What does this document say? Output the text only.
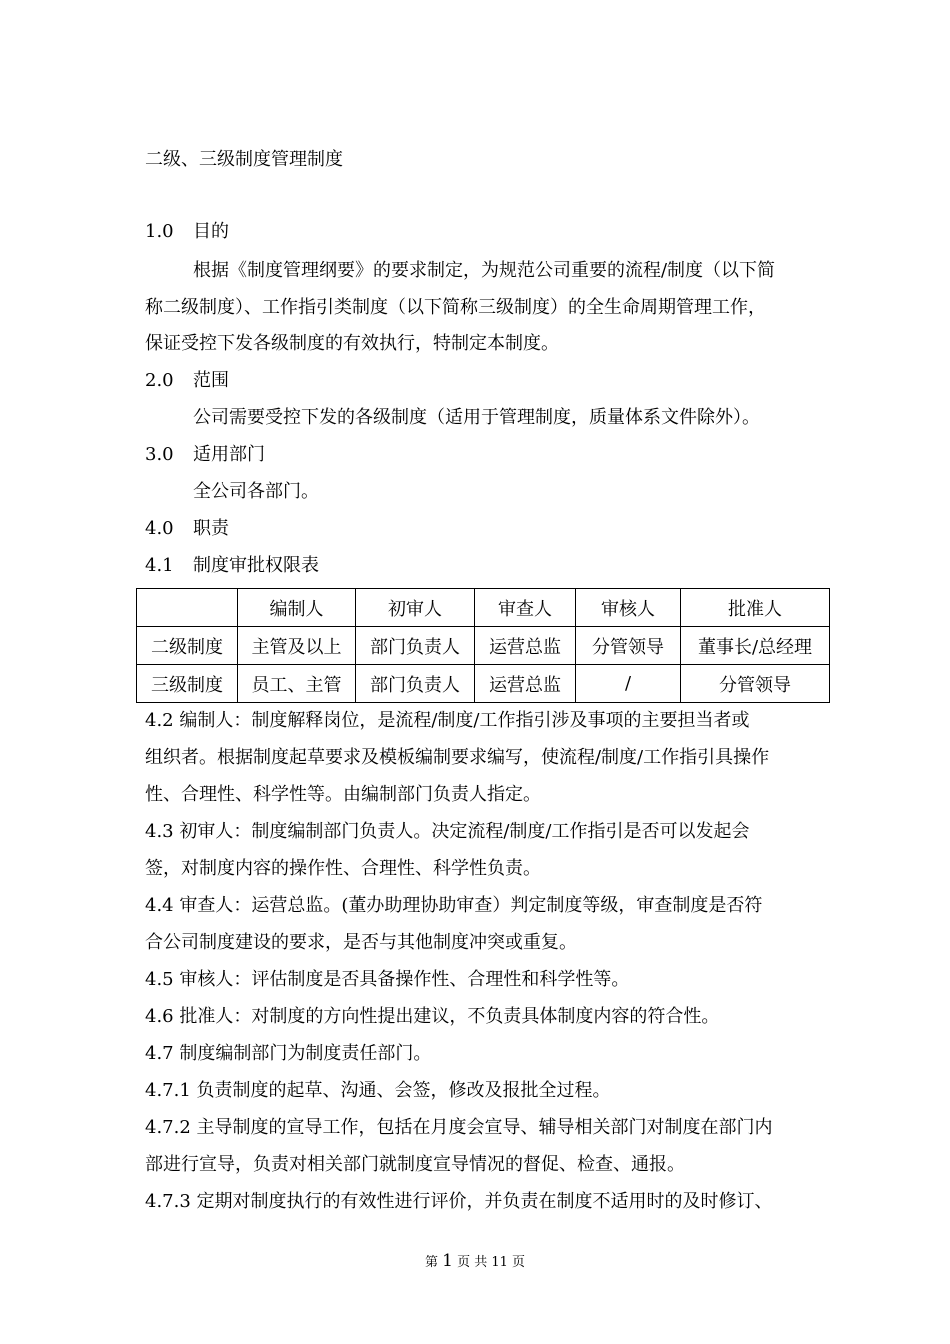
二级、三级制度管理制度
1.0 目的
根据《制度管理纲要》的要求制定，为规范公司重要的流程/制度（以下简
称二级制度）、工作指引类制度（以下简称三级制度）的全生命周期管理工作，
保证受控下发各级制度的有效执行，特制定本制度。
2.0 范围
公司需要受控下发的各级制度（适用于管理制度，质量体系文件除外）。
3.0 适用部门
全公司各部门。
4.0 职责
4.1 制度审批权限表
	编制人	初审人	审查人	审核人	批准人
二级制度	主管及以上	部门负责人	运营总监	分管领导	董事长/总经理
三级制度	员工、主管	部门负责人	运营总监	/	分管领导
4.2 编制人：制度解释岗位，是流程/制度/工作指引涉及事项的主要担当者或
组织者。根据制度起草要求及模板编制要求编写，使流程/制度/工作指引具操作
性、合理性、科学性等。由编制部门负责人指定。
4.3 初审人：制度编制部门负责人。决定流程/制度/工作指引是否可以发起会
签，对制度内容的操作性、合理性、科学性负责。
4.4 审查人：运营总监。(董办助理协助审查）判定制度等级，审查制度是否符
合公司制度建设的要求，是否与其他制度冲突或重复。
4.5 审核人：评估制度是否具备操作性、合理性和科学性等。
4.6 批准人：对制度的方向性提出建议，不负责具体制度内容的符合性。
4.7 制度编制部门为制度责任部门。
4.7.1 负责制度的起草、沟通、会签，修改及报批全过程。
4.7.2 主导制度的宣导工作，包括在月度会宣导、辅导相关部门对制度在部门内
部进行宣导，负责对相关部门就制度宣导情况的督促、检查、通报。
4.7.3 定期对制度执行的有效性进行评价，并负责在制度不适用时的及时修订、
第 1 页 共 11 页
